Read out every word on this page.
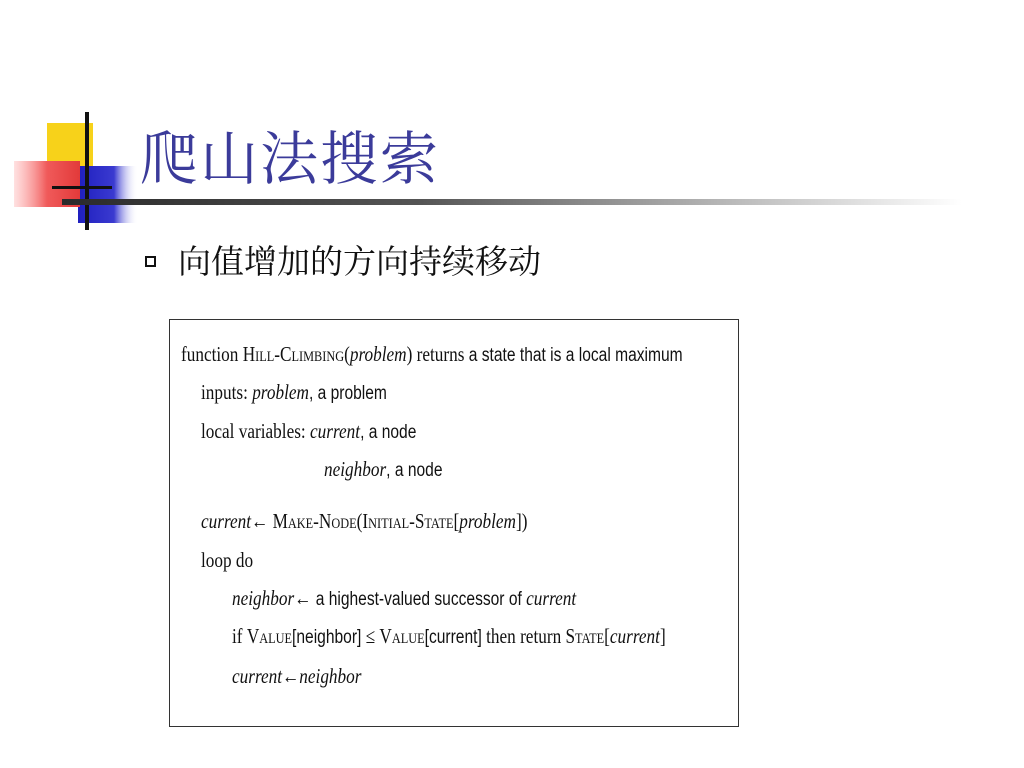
爬山法搜索
向值增加的方向持续移动
function Hill-Climbing(problem) returns a state that is a local maximum
inputs: problem, a problem
local variables: current, a node
neighbor, a node
current← Make-Node(Initial-State[problem])
loop do
neighbor← a highest-valued successor of current
if Value[neighbor] ≤ Value[current] then return State[current]
current←neighbor
